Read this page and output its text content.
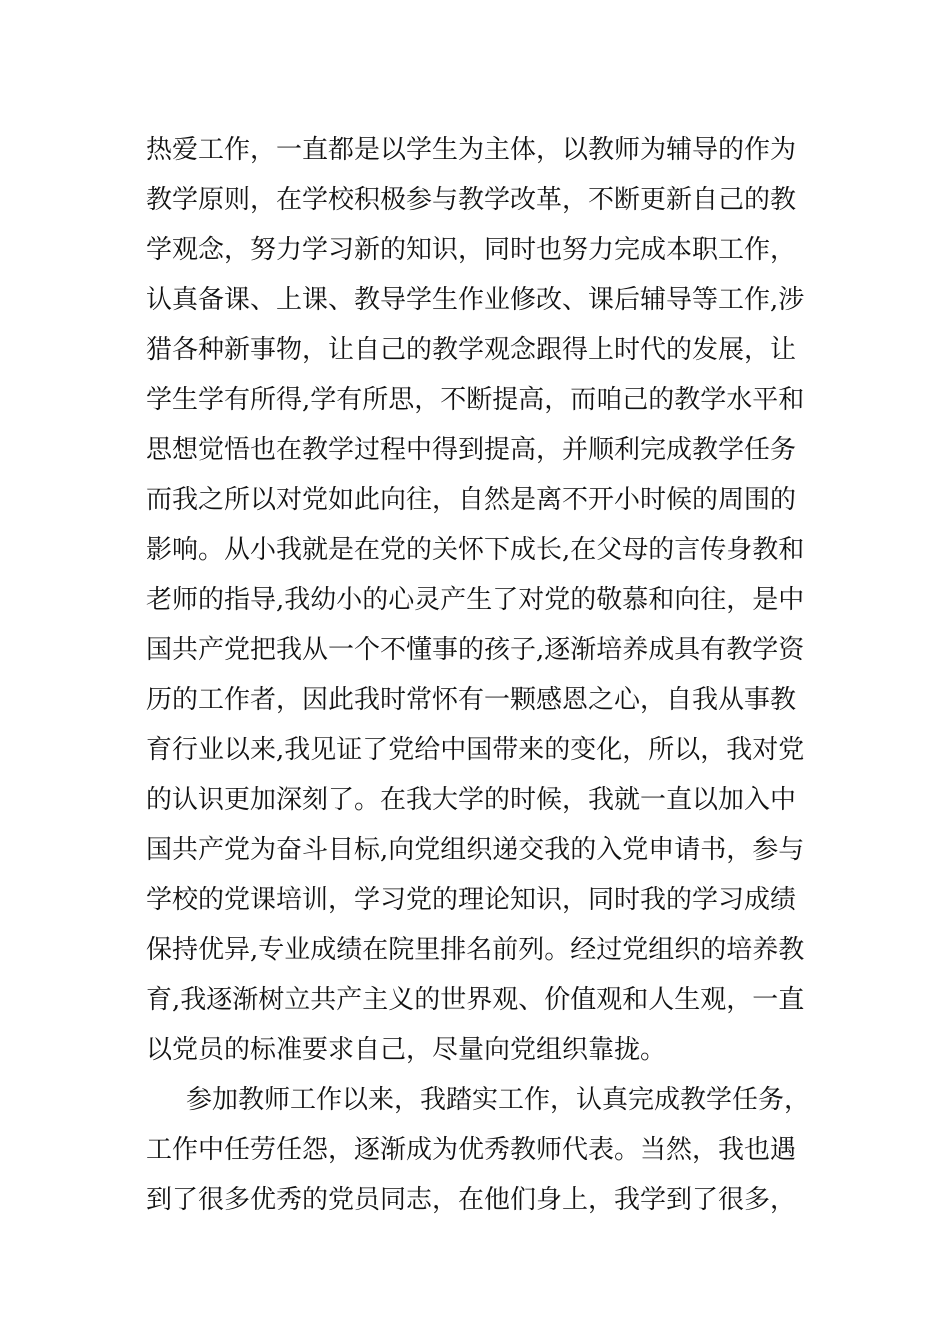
热爱工作，一直都是以学生为主体，以教师为辅导的作为
教学原则，在学校积极参与教学改革，不断更新自己的教
学观念，努力学习新的知识，同时也努力完成本职工作，
认真备课、上课、教导学生作业修改、课后辅导等工作,涉
猎各种新事物，让自己的教学观念跟得上时代的发展，让
学生学有所得,学有所思，不断提高，而咱己的教学水平和
思想觉悟也在教学过程中得到提高，并顺利完成教学任务
而我之所以对党如此向往，自然是离不开小时候的周围的
影响。从小我就是在党的关怀下成长,在父母的言传身教和
老师的指导,我幼小的心灵产生了对党的敬慕和向往，是中
国共产党把我从一个不懂事的孩子,逐渐培养成具有教学资
历的工作者，因此我时常怀有一颗感恩之心，自我从事教
育行业以来,我见证了党给中国带来的变化，所以，我对党
的认识更加深刻了。在我大学的时候，我就一直以加入中
国共产党为奋斗目标,向党组织递交我的入党申请书，参与
学校的党课培训，学习党的理论知识，同时我的学习成绩
保持优异,专业成绩在院里排名前列。经过党组织的培养教
育,我逐渐树立共产主义的世界观、价值观和人生观，一直
以党员的标准要求自己，尽量向党组织靠拢。
参加教师工作以来，我踏实工作，认真完成教学任务，
工作中任劳任怨，逐渐成为优秀教师代表。当然，我也遇
到了很多优秀的党员同志，在他们身上，我学到了很多，
